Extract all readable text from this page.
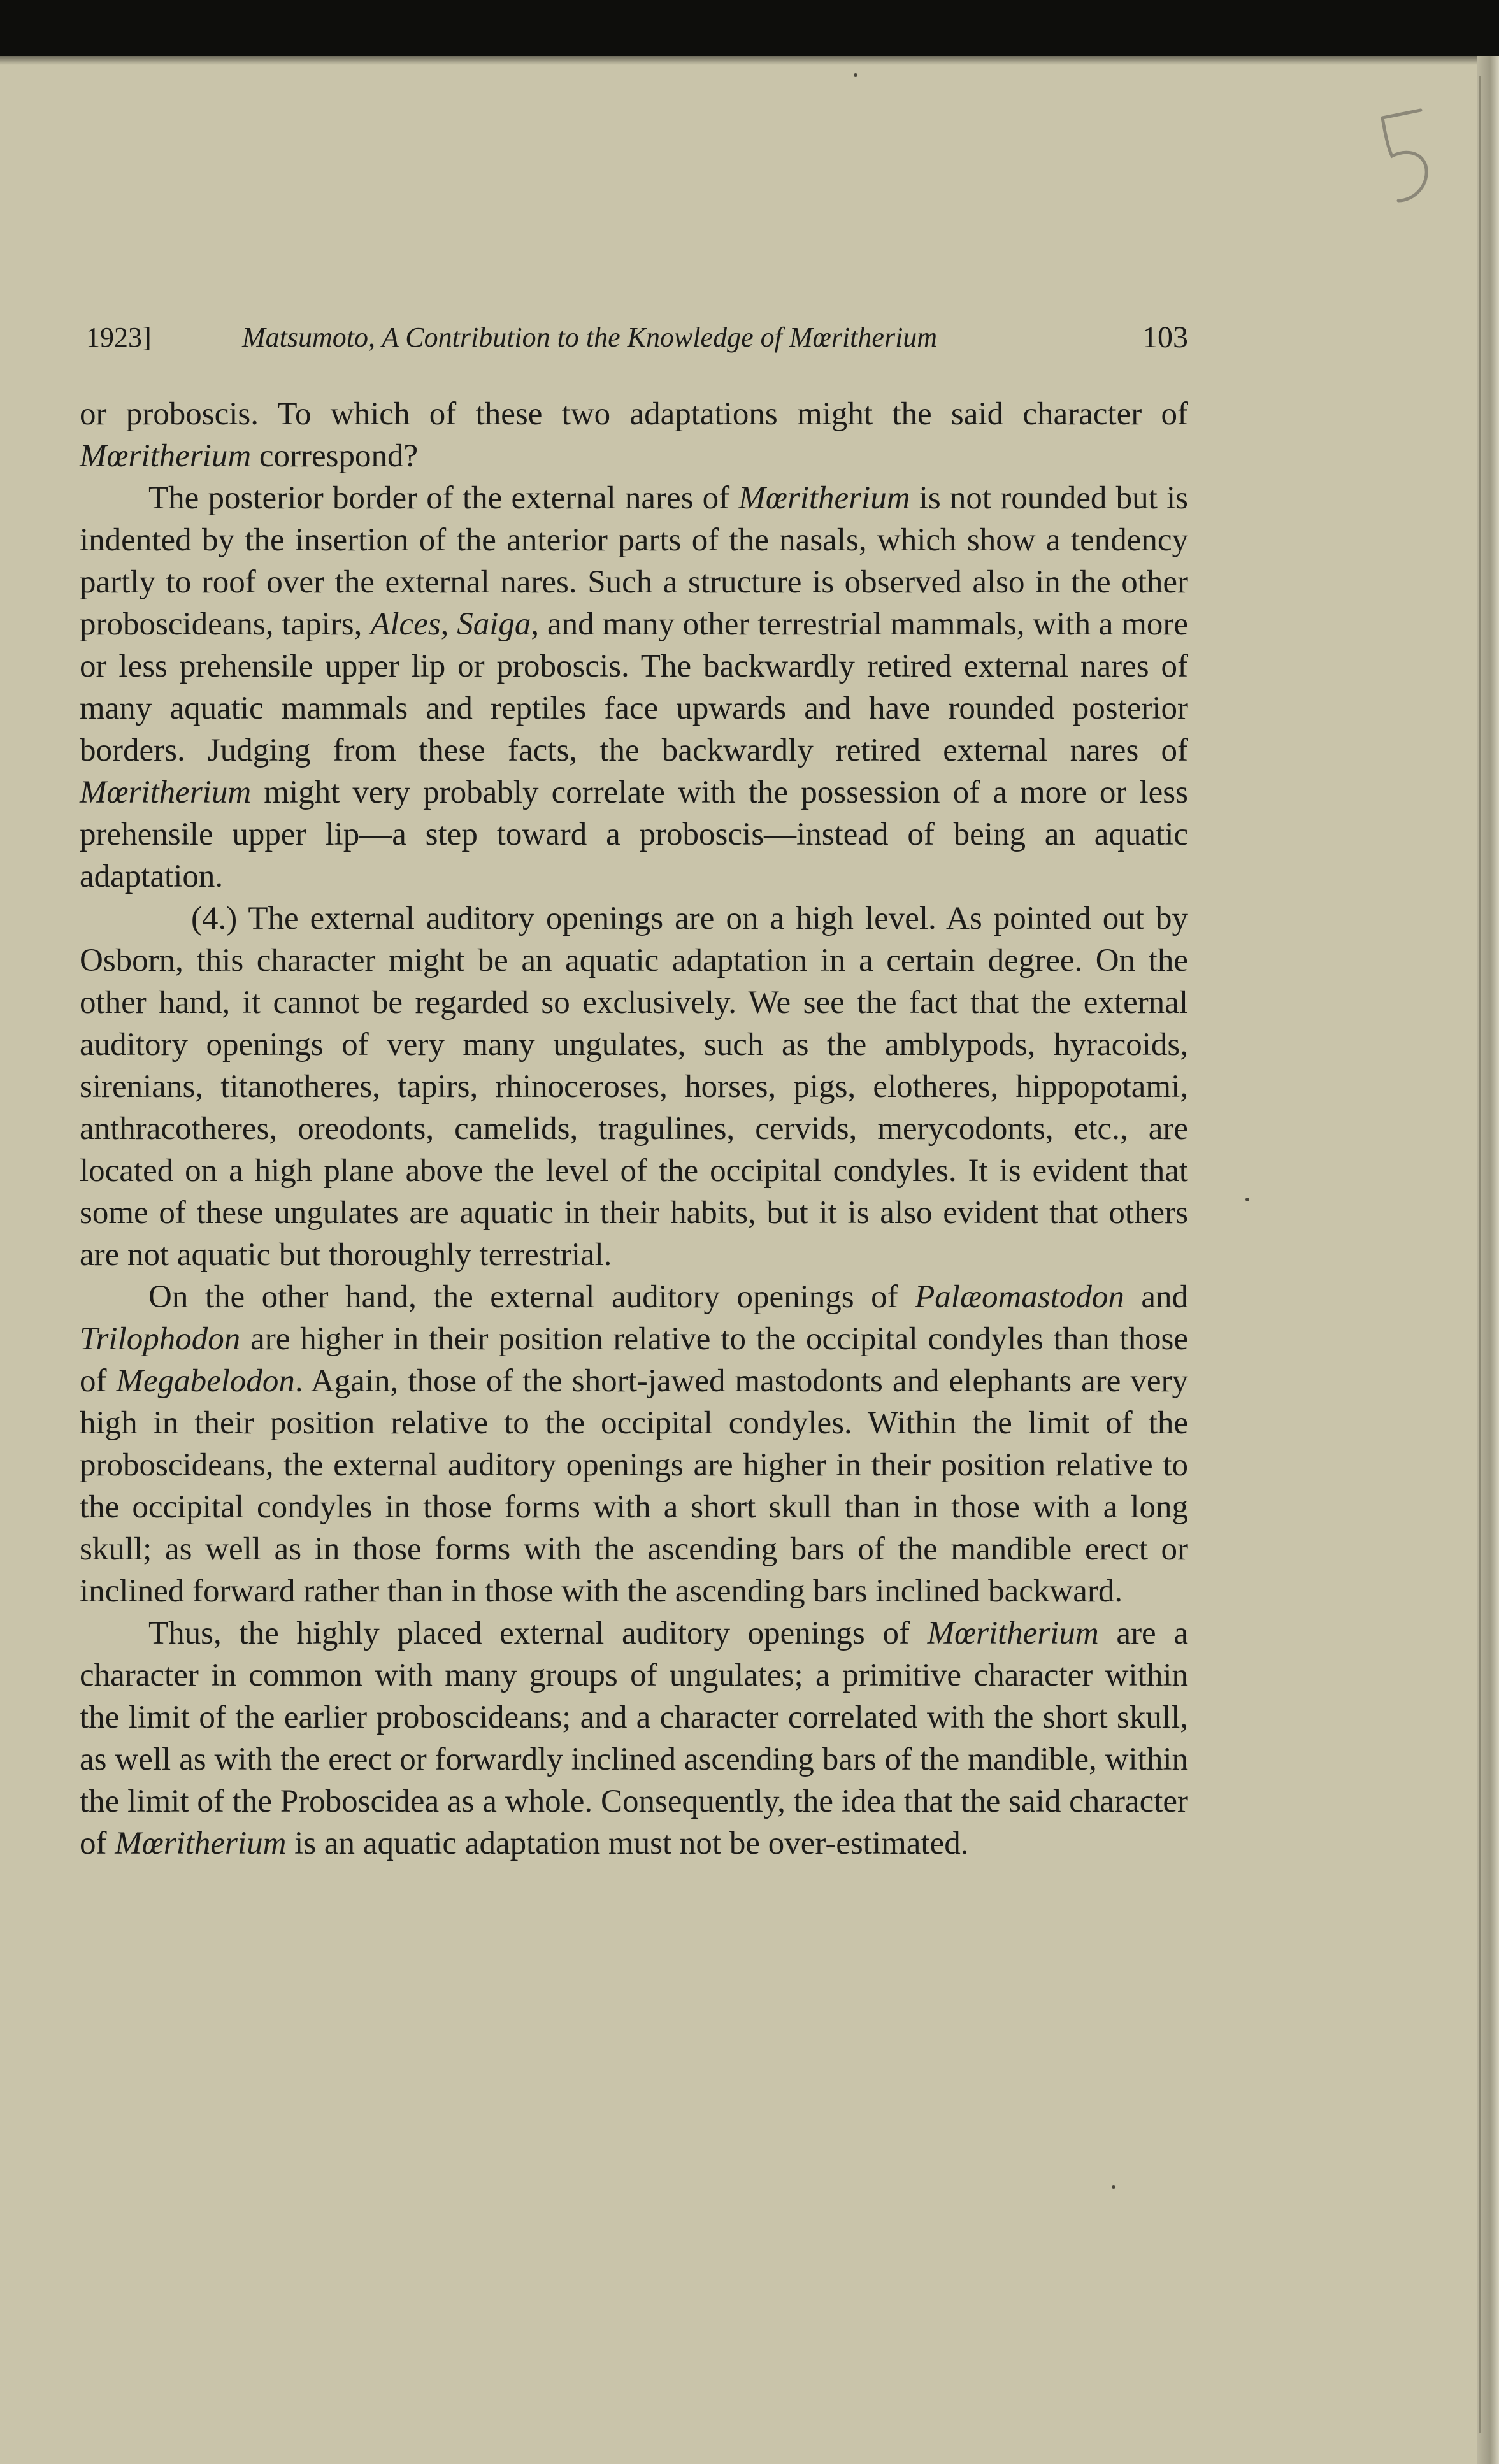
1923]	Matsumoto, A Contribution to the Knowledge of Mœritherium	103

or proboscis. To which of these two adaptations might the said character of Mœritherium correspond?

The posterior border of the external nares of Mœritherium is not rounded but is indented by the insertion of the anterior parts of the nasals, which show a tendency partly to roof over the external nares. Such a structure is observed also in the other proboscideans, tapirs, Alces, Saiga, and many other terrestrial mammals, with a more or less prehensile upper lip or proboscis. The backwardly retired external nares of many aquatic mammals and reptiles face upwards and have rounded posterior borders. Judging from these facts, the backwardly retired external nares of Mœritherium might very probably correlate with the possession of a more or less prehensile upper lip—a step toward a proboscis—instead of being an aquatic adaptation.

(4.) The external auditory openings are on a high level. As pointed out by Osborn, this character might be an aquatic adaptation in a certain degree. On the other hand, it cannot be regarded so exclusively. We see the fact that the external auditory openings of very many ungulates, such as the amblypods, hyracoids, sirenians, titanotheres, tapirs, rhinoceroses, horses, pigs, elotheres, hippopotami, anthracotheres, oreodonts, camelids, tragulines, cervids, merycodonts, etc., are located on a high plane above the level of the occipital condyles. It is evident that some of these ungulates are aquatic in their habits, but it is also evident that others are not aquatic but thoroughly terrestrial.

On the other hand, the external auditory openings of Palæomastodon and Trilophodon are higher in their position relative to the occipital condyles than those of Megabelodon. Again, those of the short-jawed mastodonts and elephants are very high in their position relative to the occipital condyles. Within the limit of the proboscideans, the external auditory openings are higher in their position relative to the occipital condyles in those forms with a short skull than in those with a long skull; as well as in those forms with the ascending bars of the mandible erect or inclined forward rather than in those with the ascending bars inclined backward.

Thus, the highly placed external auditory openings of Mœritherium are a character in common with many groups of ungulates; a primitive character within the limit of the earlier proboscideans; and a character correlated with the short skull, as well as with the erect or forwardly inclined ascending bars of the mandible, within the limit of the Proboscidea as a whole. Consequently, the idea that the said character of Mœritherium is an aquatic adaptation must not be over-estimated.
